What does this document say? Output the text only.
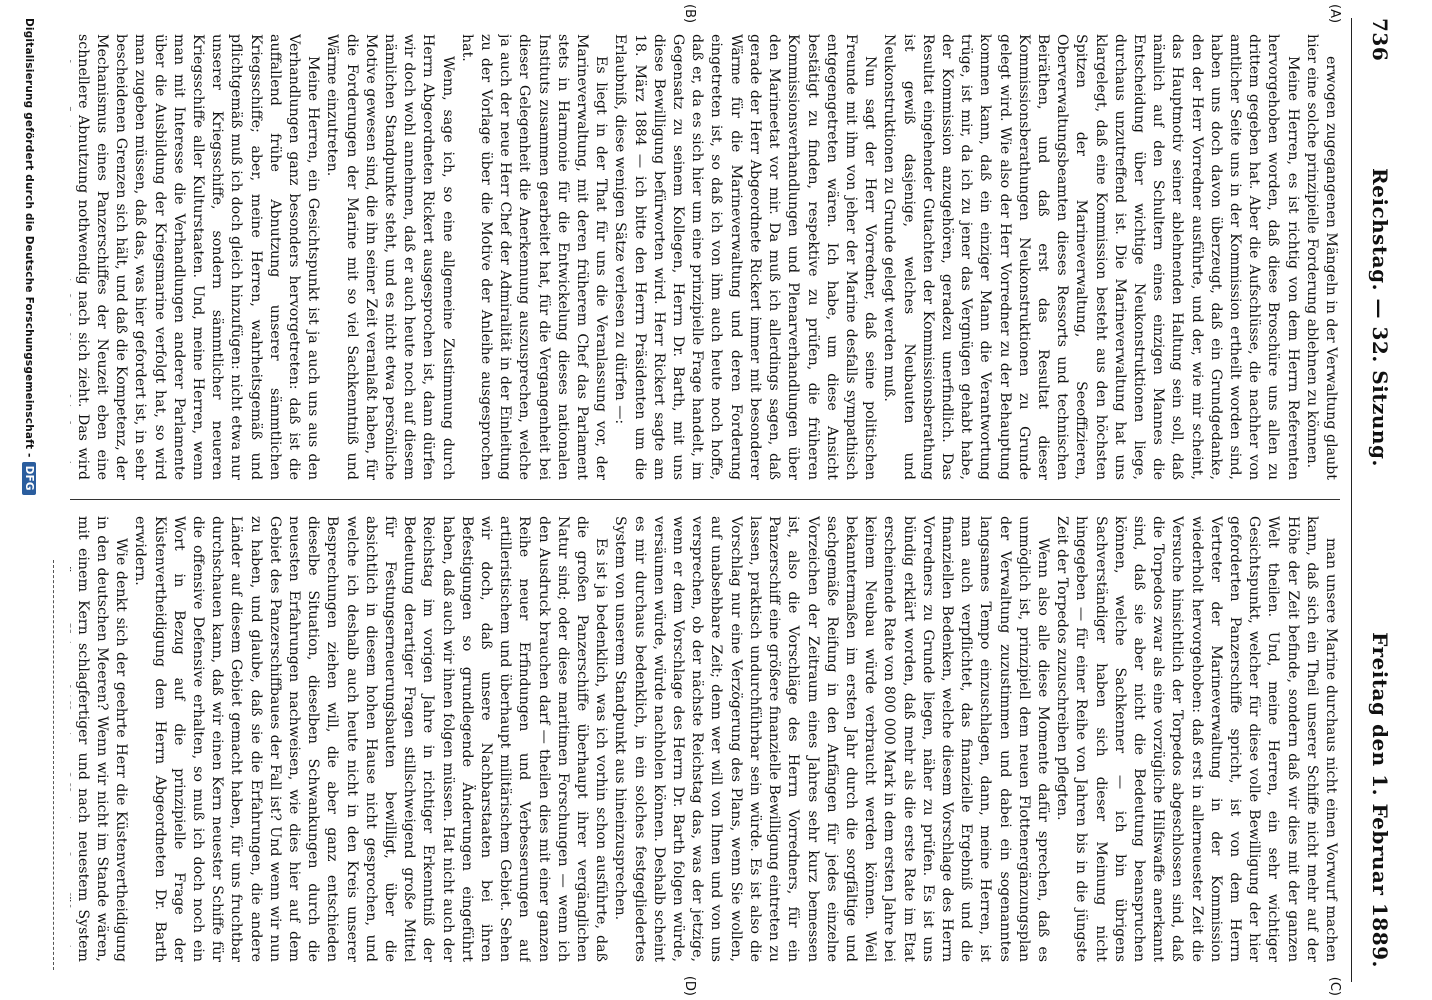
736
Reichstag. — 32. Sitzung.
Freitag den 1. Februar 1889.
(A)
(C)
(B)
(D)

erwogen zugegangenen Mängeln in der Verwaltung glaubt hier eine solche prinzipielle Forderung ablehnen zu können.

Meine Herren, es ist richtig von dem Herrn Referenten hervorgehoben worden, daß diese Broschüre uns allen zu drittem gegeben hat. Aber die Aufschlüsse, die nachher von amtlicher Seite uns in der Kommission ertheilt worden sind, haben uns doch davon überzeugt, daß ein Grundgedanke, den der Herr Vorredner ausführte, und der, wie mir scheint, das Hauptmotiv seiner ablehnenden Haltung sein soll, daß nämlich auf den Schultern eines einzigen Mannes die Entscheidung über wichtige Neukonstruktionen liege, durchaus unzutreffend ist. Die Marineverwaltung hat uns klargelegt, daß eine Kommission besteht aus den höchsten Spitzen der Marineverwaltung, Seeoffizieren, Oberverwaltungsbeamten dieses Ressorts und technischen Beiräthen, und daß erst das Resultat dieser Kommissionsberathungen Neukonstruktionen zu Grunde gelegt wird. Wie also der Herr Vorredner zu der Behauptung kommen kann, daß ein einziger Mann die Verantwortung trüge, ist mir, da ich zu jener das Vergnügen gehabt habe, der Kommission anzugehören, geradezu unerfindlich. Das Resultat eingehender Gutachten der Kommissionsberathung ist gewiß dasjenige, welches Neubauten und Neukonstruktionen zu Grunde gelegt werden muß.

Nun sagt der Herr Vorredner, daß seine politischen Freunde mit ihm von jeher der Marine desfalls sympathisch entgegengetreten wären. Ich habe, um diese Ansicht bestätigt zu finden, respektive zu prüfen, die früheren Kommissionsverhandlungen und Plenarverhandlungen über den Marineetat vor mir. Da muß ich allerdings sagen, daß gerade der Herr Abgeordnete Rickert immer mit besonderer Wärme für die Marineverwaltung und deren Forderung eingetreten ist, so daß ich von ihm auch heute noch hoffe, daß er, da es sich hier um eine prinzipielle Frage handelt, im Gegensatz zu seinem Kollegen, Herrn Dr. Barth, mit uns diese Bewilligung befürworten wird. Herr Rickert sagte am 18. März 1884 — ich bitte den Herrn Präsidenten um die Erlaubniß, diese wenigen Sätze verlesen zu dürfen —:

Es liegt in der That für uns die Veranlassung vor, der Marineverwaltung, mit deren früherem Chef das Parlament stets in Harmonie für die Entwickelung dieses nationalen Instituts zusammen gearbeitet hat, für die Vergangenheit bei dieser Gelegenheit die Anerkennung auszusprechen, welche ja auch der neue Herr Chef der Admiralität in der Einleitung zu der Vorlage über die Motive der Anleihe ausgesprochen hat.

Wenn, sage ich, so eine allgemeine Zustimmung durch Herrn Abgeordneten Rickert ausgesprochen ist, dann dürfen wir doch wohl annehmen, daß er auch heute noch auf diesem nämlichen Standpunkte steht, und es nicht etwa persönliche Motive gewesen sind, die ihn seiner Zeit veranlaßt haben, für die Forderungen der Marine mit so viel Sachkenntniß und Wärme einzutreten.

Meine Herren, ein Gesichtspunkt ist ja auch uns aus den Verhandlungen ganz besonders hervorgetreten: daß ist die auffallend frühe Abnutzung unserer sämmtlichen Kriegsschiffe; aber, meine Herren, wahrheitsgemäß und pflichtgemäß muß ich doch gleich hinzufügen: nicht etwa nur unserer Kriegsschiffe, sondern sämmtlicher neueren Kriegsschiffe aller Kulturstaaten. Und, meine Herren, wenn man mit Interesse die Verhandlungen anderer Parlamente über die Ausbildung der Kriegsmarine verfolgt hat, so wird man zugeben müssen, daß das, was hier gefordert ist, in sehr bescheidenen Grenzen sich hält, und daß die Kompetenz, der Mechanismus eines Panzerschiffes der Neuzeit eben eine schnellere Abnutzung nothwendig nach sich zieht. Das wird

man unsere Marine durchaus nicht einen Vorwurf machen kann, daß sich ein Theil unserer Schiffe nicht mehr auf der Höhe der Zeit befinde, sondern daß wir dies mit der ganzen Welt theilen. Und, meine Herren, ein sehr wichtiger Gesichtspunkt, welcher für diese volle Bewilligung der hier geforderten Panzerschiffe spricht, ist von dem Herrn Vertreter der Marineverwaltung in der Kommission wiederholt hervorgehoben: daß erst in allerneuester Zeit die Versuche hinsichtlich der Torpedos abgeschlossen sind, daß die Torpedos zwar als eine vorzügliche Hilfswaffe anerkannt sind, daß sie aber nicht die Bedeutung beanspruchen können, welche Sachkenner — ich bin übrigens Sachverständiger haben sich dieser Meinung nicht hingegeben — für einer Reihe von Jahren bis in die jüngste Zeit der Torpedos zuzuschreiben pflegten.

Wenn also alle diese Momente dafür sprechen, daß es unmöglich ist, prinzipiell dem neuen Flottenergänzungsplan der Verwaltung zuzustimmen und dabei ein sogenanntes langsames Tempo einzuschlagen, dann, meine Herren, ist man auch verpflichtet, das finanzielle Ergebniß und die finanziellen Bedenken, welche diesem Vorschlage des Herrn Vorredners zu Grunde liegen, näher zu prüfen. Es ist uns bündig erklärt worden, daß mehr als die erste Rate im Etat erscheinende Rate von 800 000 Mark in dem ersten Jahre bei keinem Neubau würde verbraucht werden können. Weil bekanntermaßen im ersten Jahr durch die sorgfältige und sachgemäße Reifung in den Anfängen für jedes einzelne Vorzeichen der Zeitraum eines Jahres sehr kurz bemessen ist, also die Vorschläge des Herrn Vorredners, für ein Panzerschiff eine größere finanzielle Bewilligung eintreten zu lassen, praktisch undurchführbar sein würde. Es ist also die Vorschlag nur eine Verzögerung des Plans, wenn Sie wollen, auf unabsehbare Zeit; denn wer will von Ihnen und von uns versprechen, ob der nächste Reichstag das, was der jetzige, wenn er dem Vorschlage des Herrn Dr. Barth folgen würde, versäumen würde, würde nachholen können. Deshalb scheint es mir durchaus bedenklich, in ein solches festgegliedertes System von unserem Standpunkt aus hineinzusprechen.

Es ist ja bedenklich, was ich vorhin schon ausführte, daß die großen Panzerschiffe überhaupt ihrer vergänglichen Natur sind; oder diese maritimen Forschungen — wenn ich den Ausdruck brauchen darf — theilen dies mit einer ganzen Reihe neuer Erfindungen und Verbesserungen auf artilleristischem und überhaupt militärischem Gebiet. Sehen wir doch, daß unsere Nachbarstaaten bei ihren Befestigungen so grundlegende Änderungen eingeführt haben, daß auch wir ihnen folgen müssen. Hat nicht auch der Reichstag im vorigen Jahre in richtiger Erkenntniß der Bedeutung derartiger Fragen stillschweigend große Mittel für Festungserneuerungsbauten bewilligt, über die absichtlich in diesem hohen Hause nicht gesprochen, und welche ich deshalb auch heute nicht in den Kreis unserer Besprechungen ziehen will, die aber ganz entschieden dieselbe Situation, dieselben Schwankungen durch die neuesten Erfahrungen nachweisen, wie dies hier auf dem Gebiet des Panzerschiffbaues der Fall ist? Und wenn wir nun zu haben, und glaube, daß sie die Erfahrungen, die andere Länder auf diesem Gebiet gemacht haben, für uns fruchtbar durchschauen kann, daß wir einen Kern neuester Schiffe für die offensive Defensive erhalten, so muß ich doch noch ein Wort in Bezug auf die prinzipielle Frage der Küstenvertheidigung dem Herrn Abgeordneten Dr. Barth erwidern.

Wie denkt sich der geehrte Herr die Küstenvertheidigung in den deutschen Meeren? Wenn wir nicht im Stande wären, mit einem Kern schlagfertiger und nach neuestem System

Digitalisierung gefördert durch die Deutsche Forschungsgemeinschaft -DFG
